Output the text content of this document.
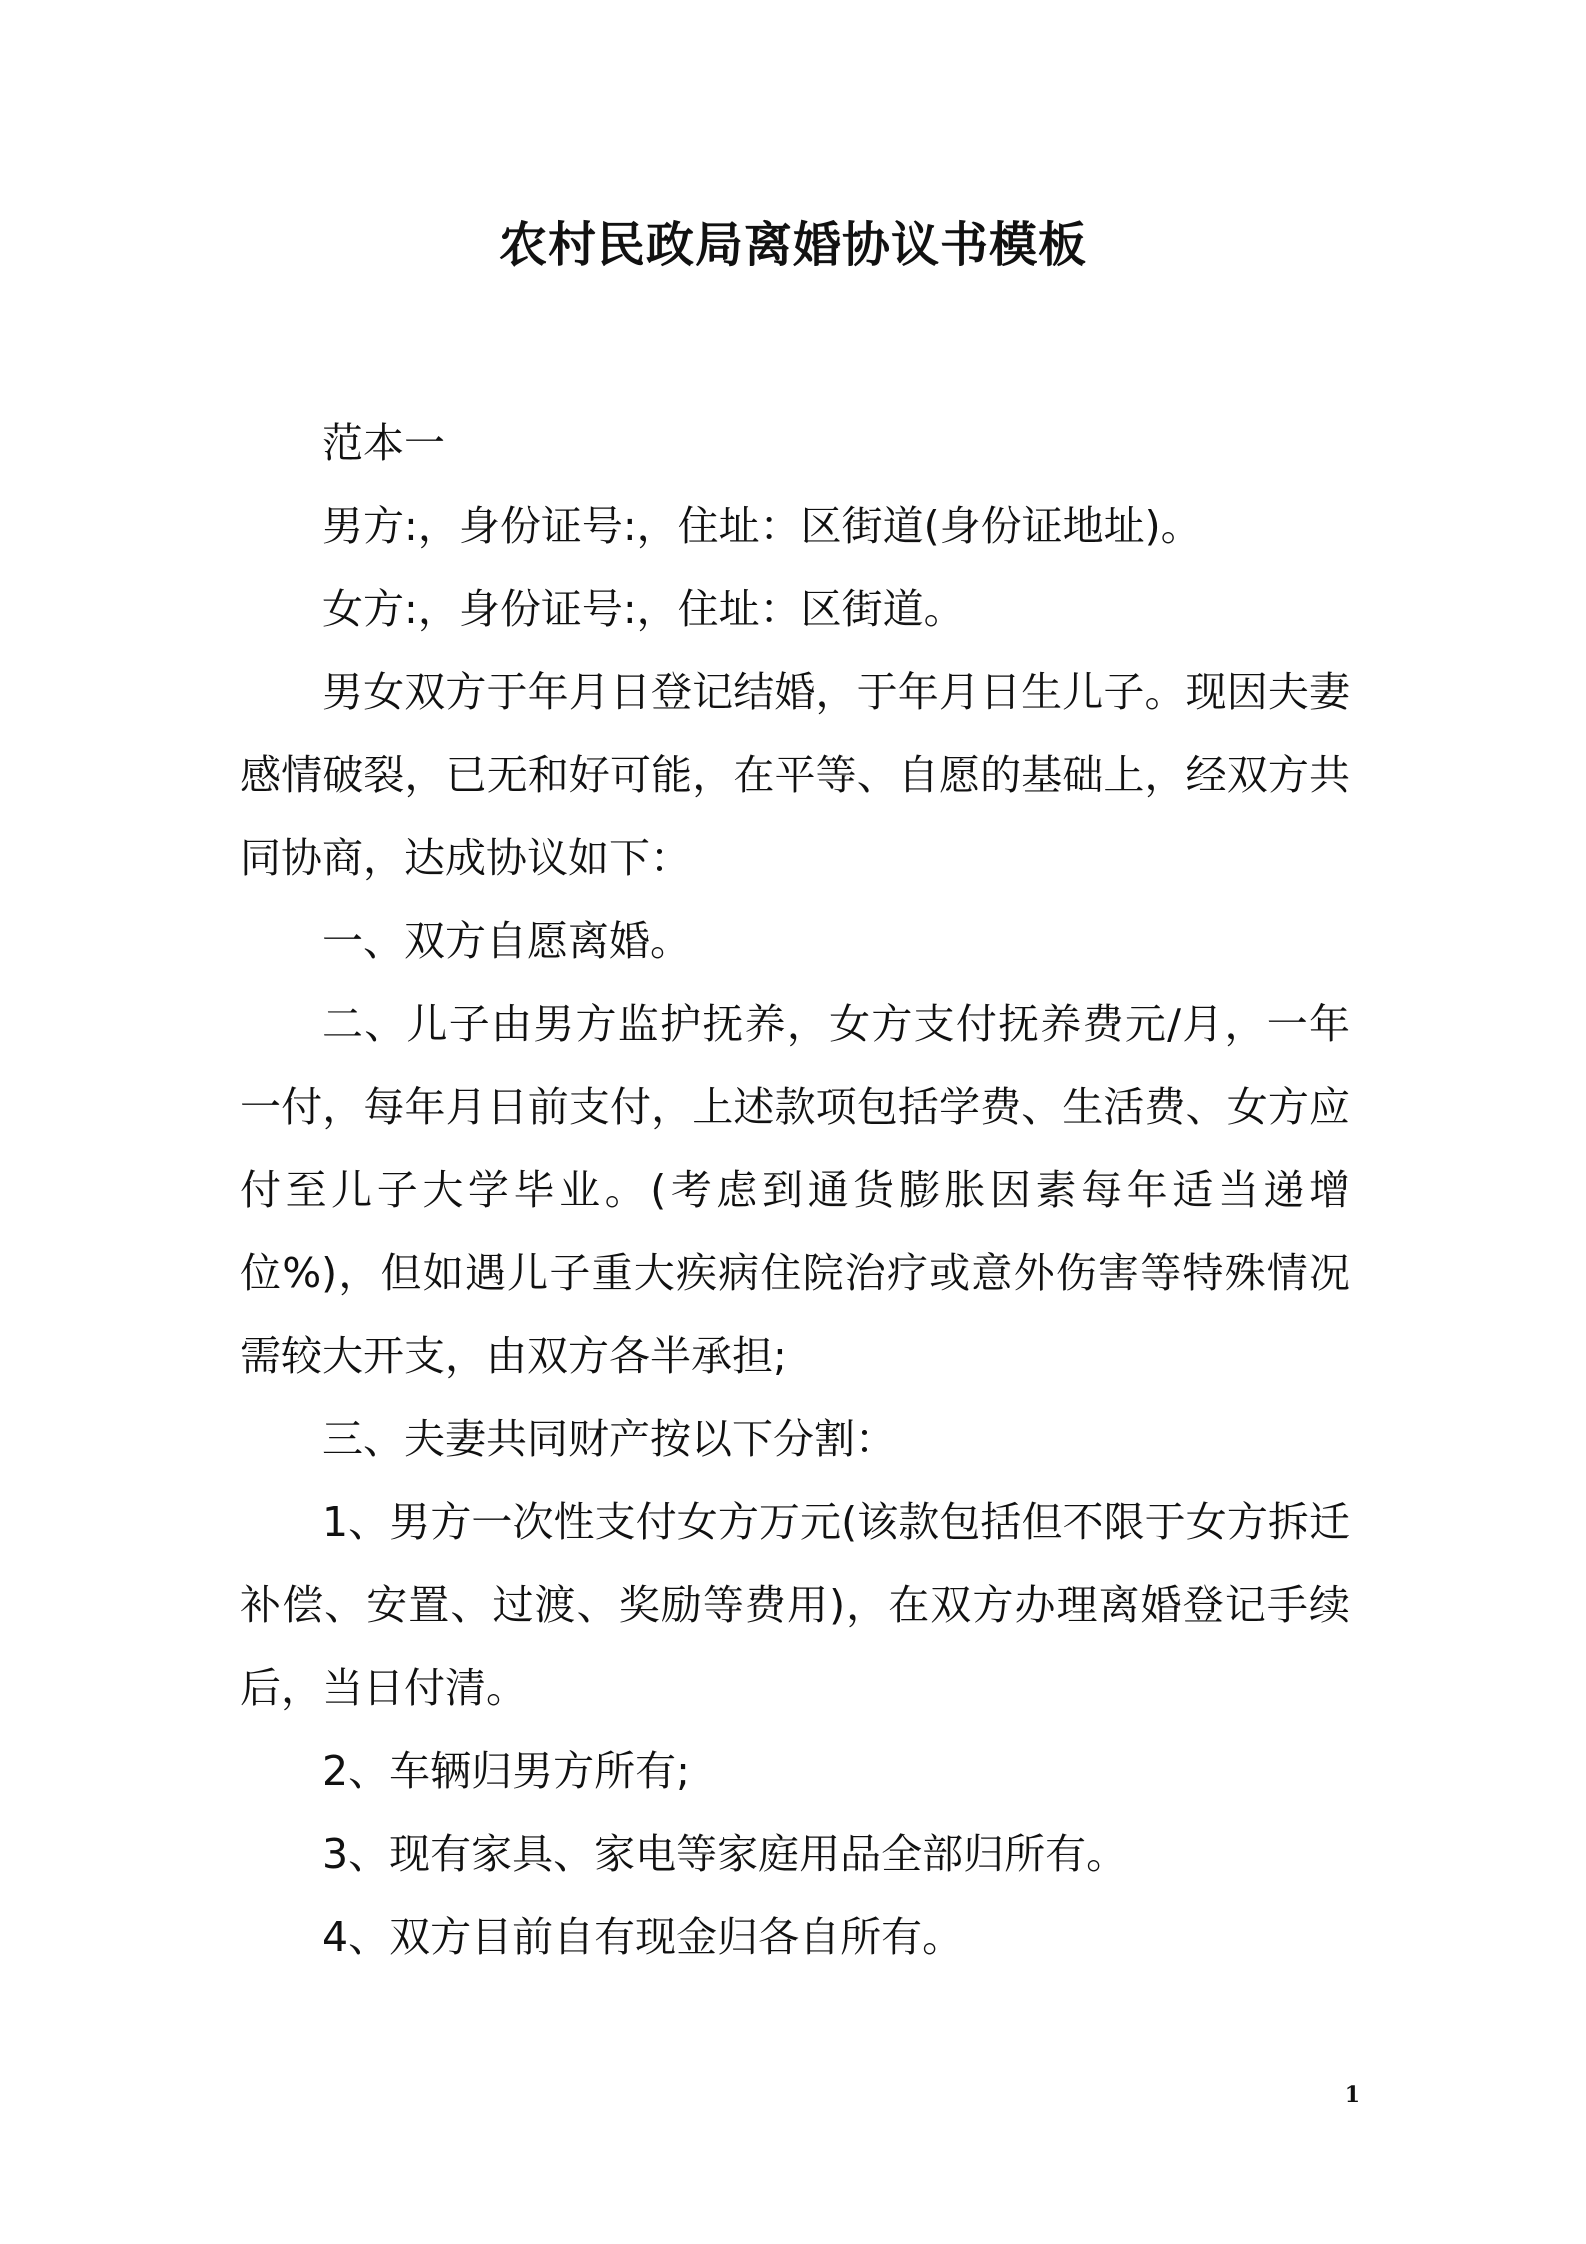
农村民政局离婚协议书模板

范本一

男方:，身份证号:，住址：区街道(身份证地址)。

女方:，身份证号:，住址：区街道。

男女双方于年月日登记结婚，于年月日生儿子。现因夫妻感情破裂，已无和好可能，在平等、自愿的基础上，经双方共同协商，达成协议如下：

一、双方自愿离婚。

二、儿子由男方监护抚养，女方支付抚养费元/月，一年一付，每年月日前支付，上述款项包括学费、生活费、女方应付至儿子大学毕业。(考虑到通货膨胀因素每年适当递增位%)，但如遇儿子重大疾病住院治疗或意外伤害等特殊情况需较大开支，由双方各半承担;

三、夫妻共同财产按以下分割：

1、男方一次性支付女方万元(该款包括但不限于女方拆迁补偿、安置、过渡、奖励等费用)，在双方办理离婚登记手续后，当日付清。

2、车辆归男方所有;

3、现有家具、家电等家庭用品全部归所有。

4、双方目前自有现金归各自所有。

1
